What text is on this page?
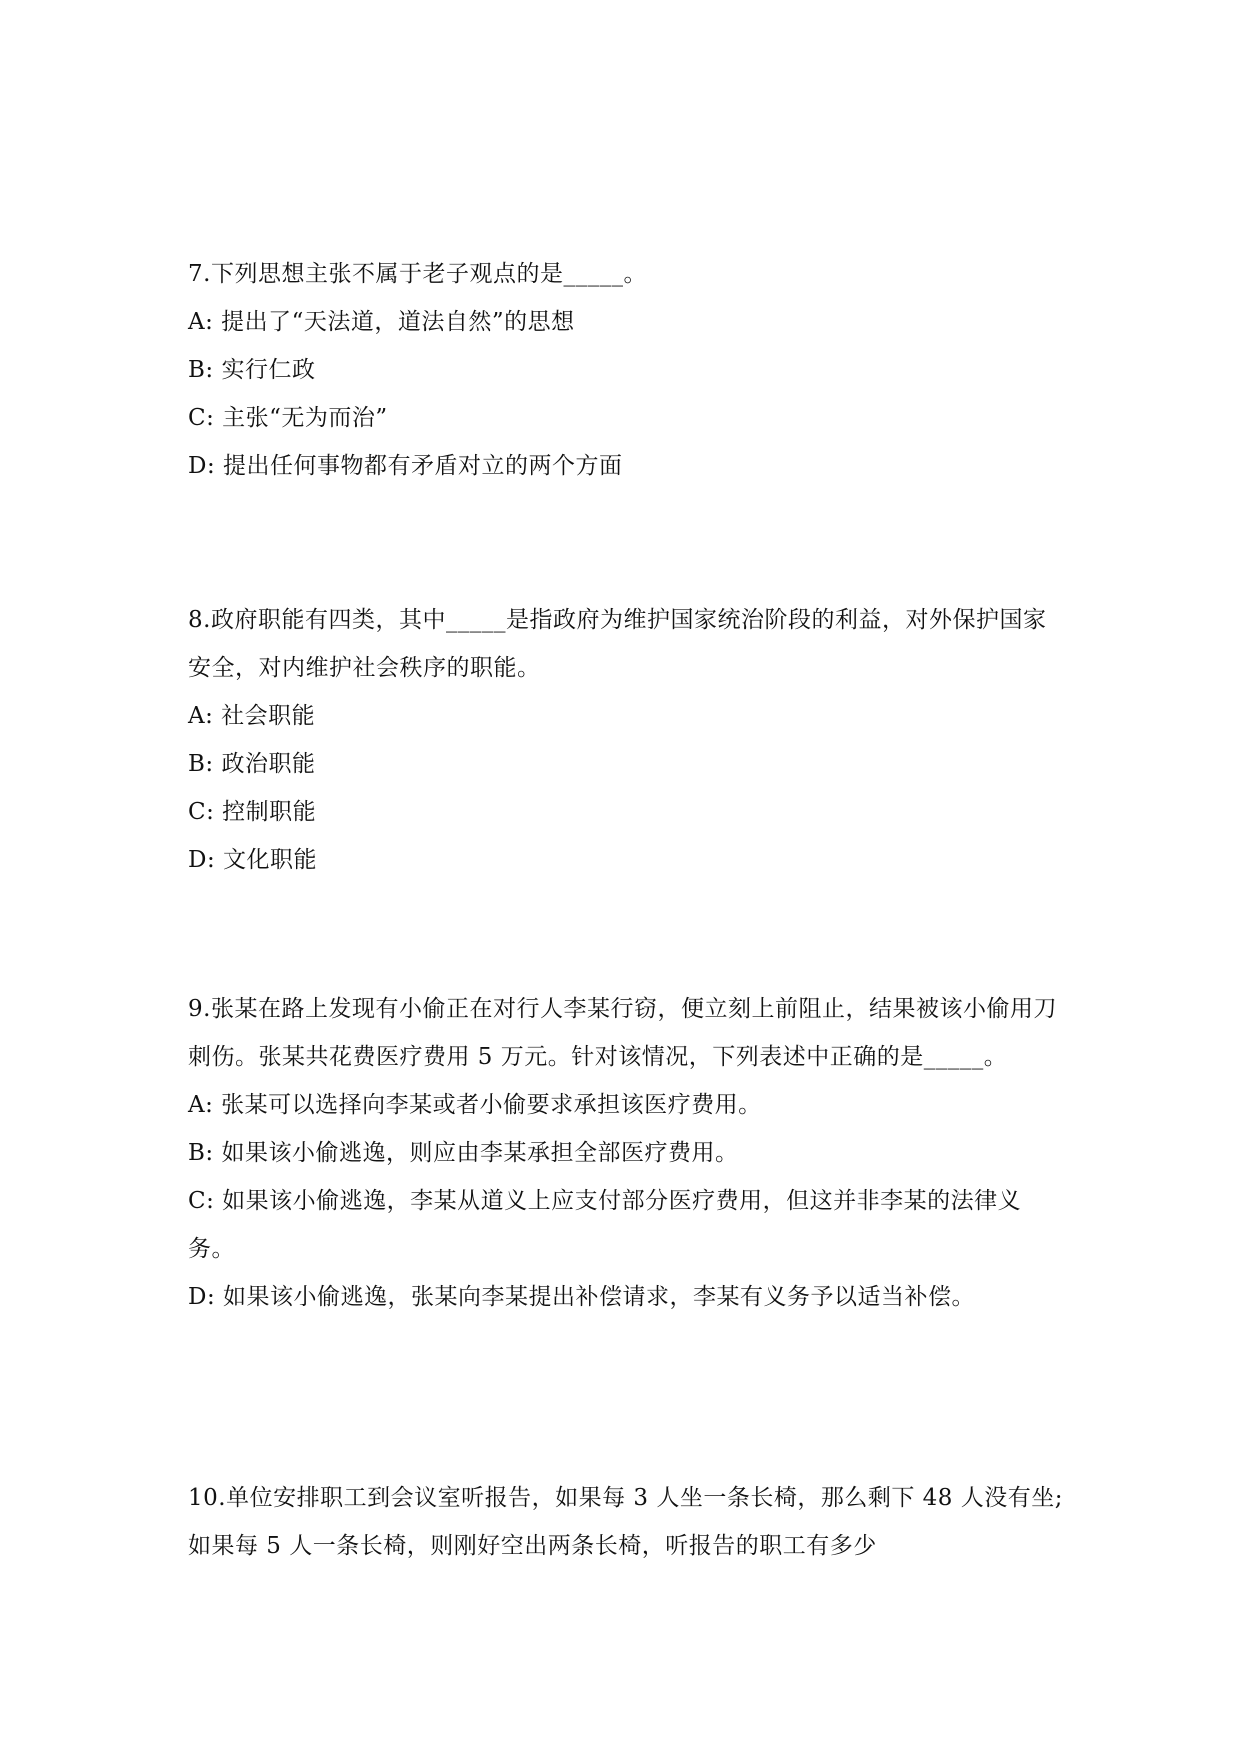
7.下列思想主张不属于老子观点的是_____。

A: 提出了“天法道，道法自然”的思想

B: 实行仁政

C: 主张“无为而治”

D: 提出任何事物都有矛盾对立的两个方面

8.政府职能有四类，其中_____是指政府为维护国家统治阶段的利益，对外保护国家安全，对内维护社会秩序的职能。

A: 社会职能

B: 政治职能

C: 控制职能

D: 文化职能

9.张某在路上发现有小偷正在对行人李某行窃，便立刻上前阻止，结果被该小偷用刀刺伤。张某共花费医疗费用 5 万元。针对该情况，下列表述中正确的是_____。

A: 张某可以选择向李某或者小偷要求承担该医疗费用。

B: 如果该小偷逃逸，则应由李某承担全部医疗费用。

C: 如果该小偷逃逸，李某从道义上应支付部分医疗费用，但这并非李某的法律义务。

D: 如果该小偷逃逸，张某向李某提出补偿请求，李某有义务予以适当补偿。

10.单位安排职工到会议室听报告，如果每 3 人坐一条长椅，那么剩下 48 人没有坐;如果每 5 人一条长椅，则刚好空出两条长椅，听报告的职工有多少
